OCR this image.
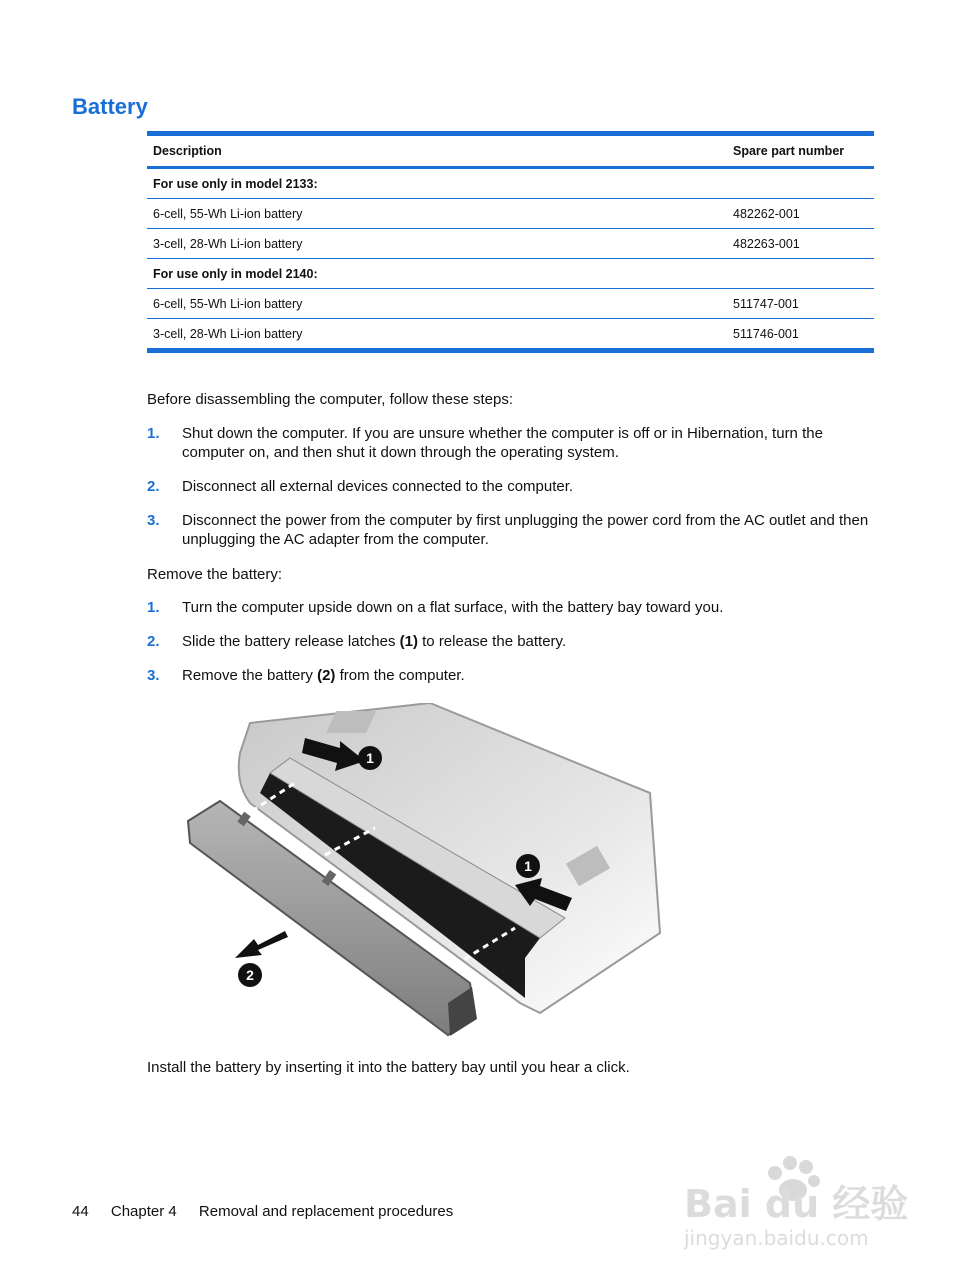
Battery
Description	Spare part number
For use only in model 2133:	
6-cell, 55-Wh Li-ion battery	482262-001
3-cell, 28-Wh Li-ion battery	482263-001
For use only in model 2140:	
6-cell, 55-Wh Li-ion battery	511747-001
3-cell, 28-Wh Li-ion battery	511746-001

Before disassembling the computer, follow these steps:

1. Shut down the computer. If you are unsure whether the computer is off or in Hibernation, turn the computer on, and then shut it down through the operating system.
2. Disconnect all external devices connected to the computer.
3. Disconnect the power from the computer by first unplugging the power cord from the AC outlet and then unplugging the AC adapter from the computer.

Remove the battery:

1. Turn the computer upside down on a flat surface, with the battery bay toward you.
2. Slide the battery release latches (1) to release the battery.
3. Remove the battery (2) from the computer.
1
1
2

Install the battery by inserting it into the battery bay until you hear a click.

44 Chapter 4 Removal and replacement procedures	Bai du 经验
jingyan.baidu.com
